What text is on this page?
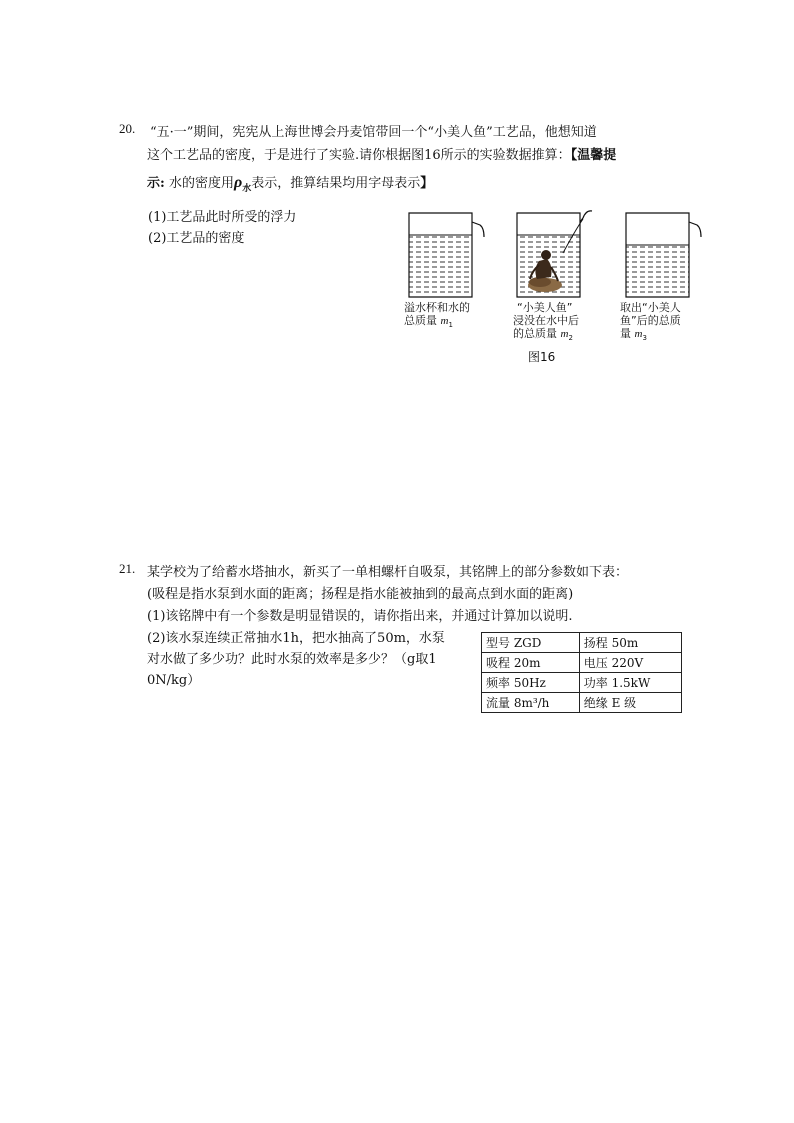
20. “五·一”期间，宪宪从上海世博会丹麦馆带回一个“小美人鱼”工艺品，他想知道
这个工艺品的密度，于是进行了实验.请你根据图16所示的实验数据推算：【温馨提
示: 水的密度用$\rho_水$表示，推算结果均用字母表示】
(1)工艺品此时所受的浮力
(2)工艺品的密度
溢水杯和水的
总质量 $m_1$
“小美人鱼”
浸没在水中后
的总质量 $m_2$
取出“小美人
鱼”后的总质
量 $m_3$
图16
21. 某学校为了给蓄水塔抽水，新买了一单相螺杆自吸泵，其铭牌上的部分参数如下表：
(吸程是指水泵到水面的距离；扬程是指水能被抽到的最高点到水面的距离)
(1)该铭牌中有一个参数是明显错误的，请你指出来，并通过计算加以说明.
(2)该水泵连续正常抽水1h，把水抽高了50m，水泵
对水做了多少功？此时水泵的效率是多少？（g取1
0N/kg）
型号 ZGD	扬程 50m
吸程 20m	电压 220V
频率 50Hz	功率 1.5kW
流量 8m³/h	绝缘 E 级
